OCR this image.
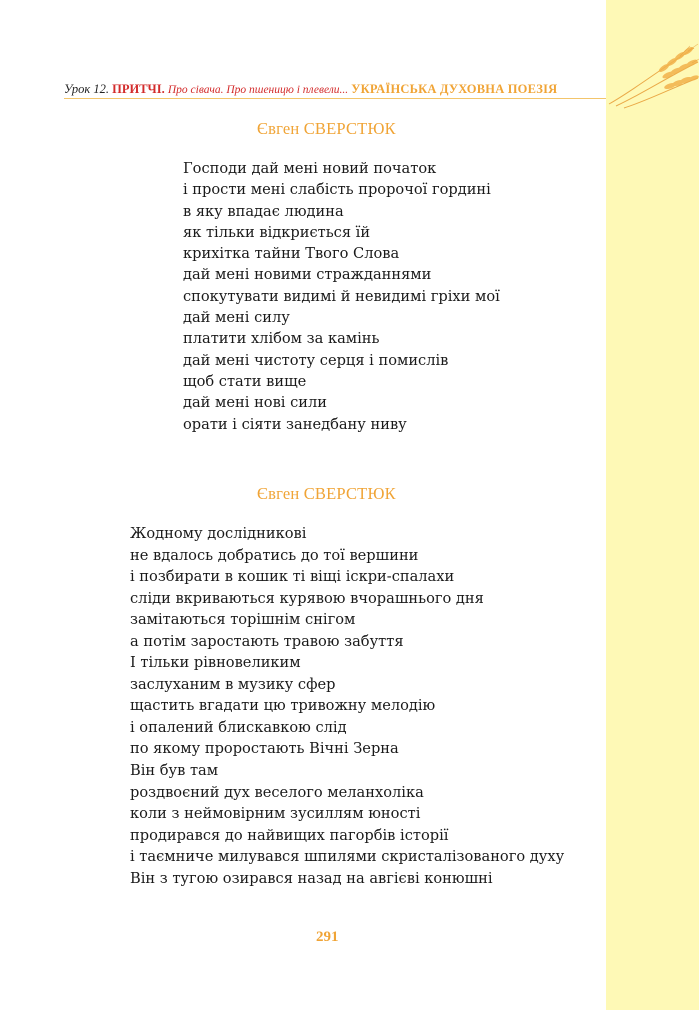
Урок 12. ПРИТЧІ. Про сівача. Про пшеницю і плевели... УКРАЇНСЬКА ДУХОВНА ПОЕЗІЯ
Євген СВЕРСТЮК
Господи дай мені новий початок
і прости мені слабість пророчої гордині
в яку впадає людина
як тільки відкриється їй
крихітка тайни Твого Слова
дай мені новими стражданнями
спокутувати видимі й невидимі гріхи мої
дай мені силу
платити хлібом за камінь
дай мені чистоту серця і помислів
щоб стати вище
дай мені нові сили
орати і сіяти занедбану ниву
Євген СВЕРСТЮК
Жодному дослідникові
не вдалось добратись до тої вершини
і позбирати в кошик ті віщі іскри-спалахи
сліди вкриваються курявою вчорашнього дня
замітаються торішнім снігом
а потім заростають травою забуття
І тільки рівновеликим
заслуханим в музику сфер
щастить вгадати цю тривожну мелодію
і опалений блискавкою слід
по якому проростають Вічні Зерна
Він був там
роздвоєний дух веселого меланхоліка
коли з неймовірним зусиллям юності
продирався до найвищих пагорбів історії
і таємниче милувався шпилями скристалізованого духу
Він з тугою озирався назад на авгієві конюшні
291
